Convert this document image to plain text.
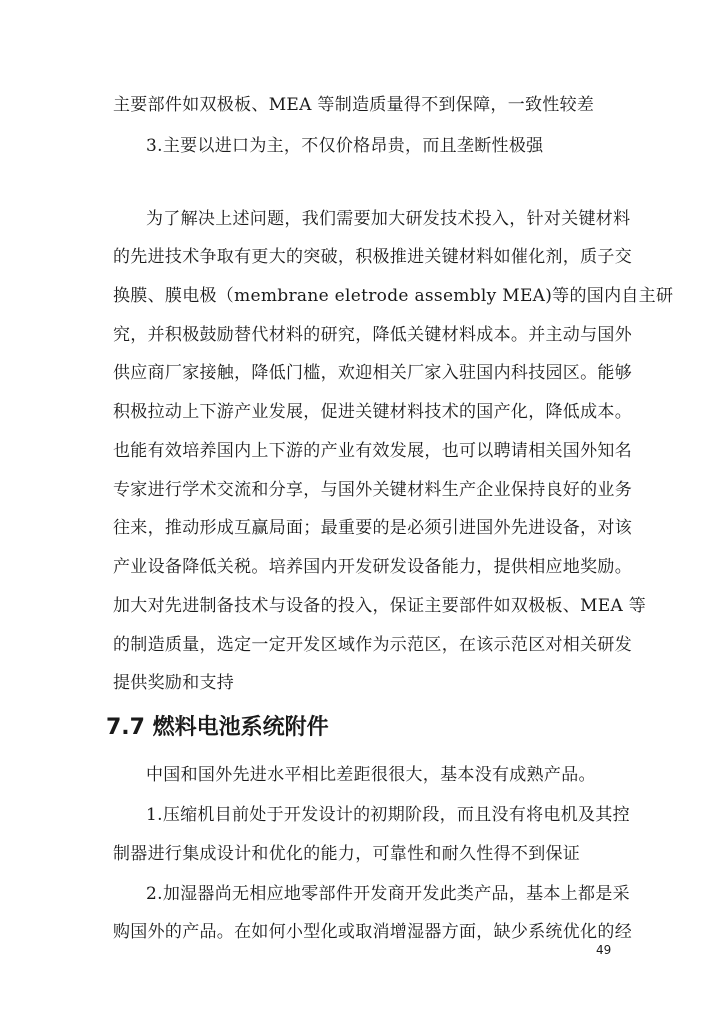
主要部件如双极板、MEA 等制造质量得不到保障，一致性较差
3.主要以进口为主，不仅价格昂贵，而且垄断性极强
为了解决上述问题，我们需要加大研发技术投入，针对关键材料
的先进技术争取有更大的突破，积极推进关键材料如催化剂，质子交
换膜、膜电极（membrane eletrode assembly MEA)等的国内自主研
究，并积极鼓励替代材料的研究，降低关键材料成本。并主动与国外
供应商厂家接触，降低门槛，欢迎相关厂家入驻国内科技园区。能够
积极拉动上下游产业发展，促进关键材料技术的国产化，降低成本。
也能有效培养国内上下游的产业有效发展，也可以聘请相关国外知名
专家进行学术交流和分享，与国外关键材料生产企业保持良好的业务
往来，推动形成互赢局面；最重要的是必须引进国外先进设备，对该
产业设备降低关税。培养国内开发研发设备能力，提供相应地奖励。
加大对先进制备技术与设备的投入，保证主要部件如双极板、MEA 等
的制造质量，选定一定开发区域作为示范区，在该示范区对相关研发
提供奖励和支持
7.7 燃料电池系统附件
中国和国外先进水平相比差距很很大，基本没有成熟产品。
1.压缩机目前处于开发设计的初期阶段，而且没有将电机及其控
制器进行集成设计和优化的能力，可靠性和耐久性得不到保证
2.加湿器尚无相应地零部件开发商开发此类产品，基本上都是采
购国外的产品。在如何小型化或取消增湿器方面，缺少系统优化的经
49
